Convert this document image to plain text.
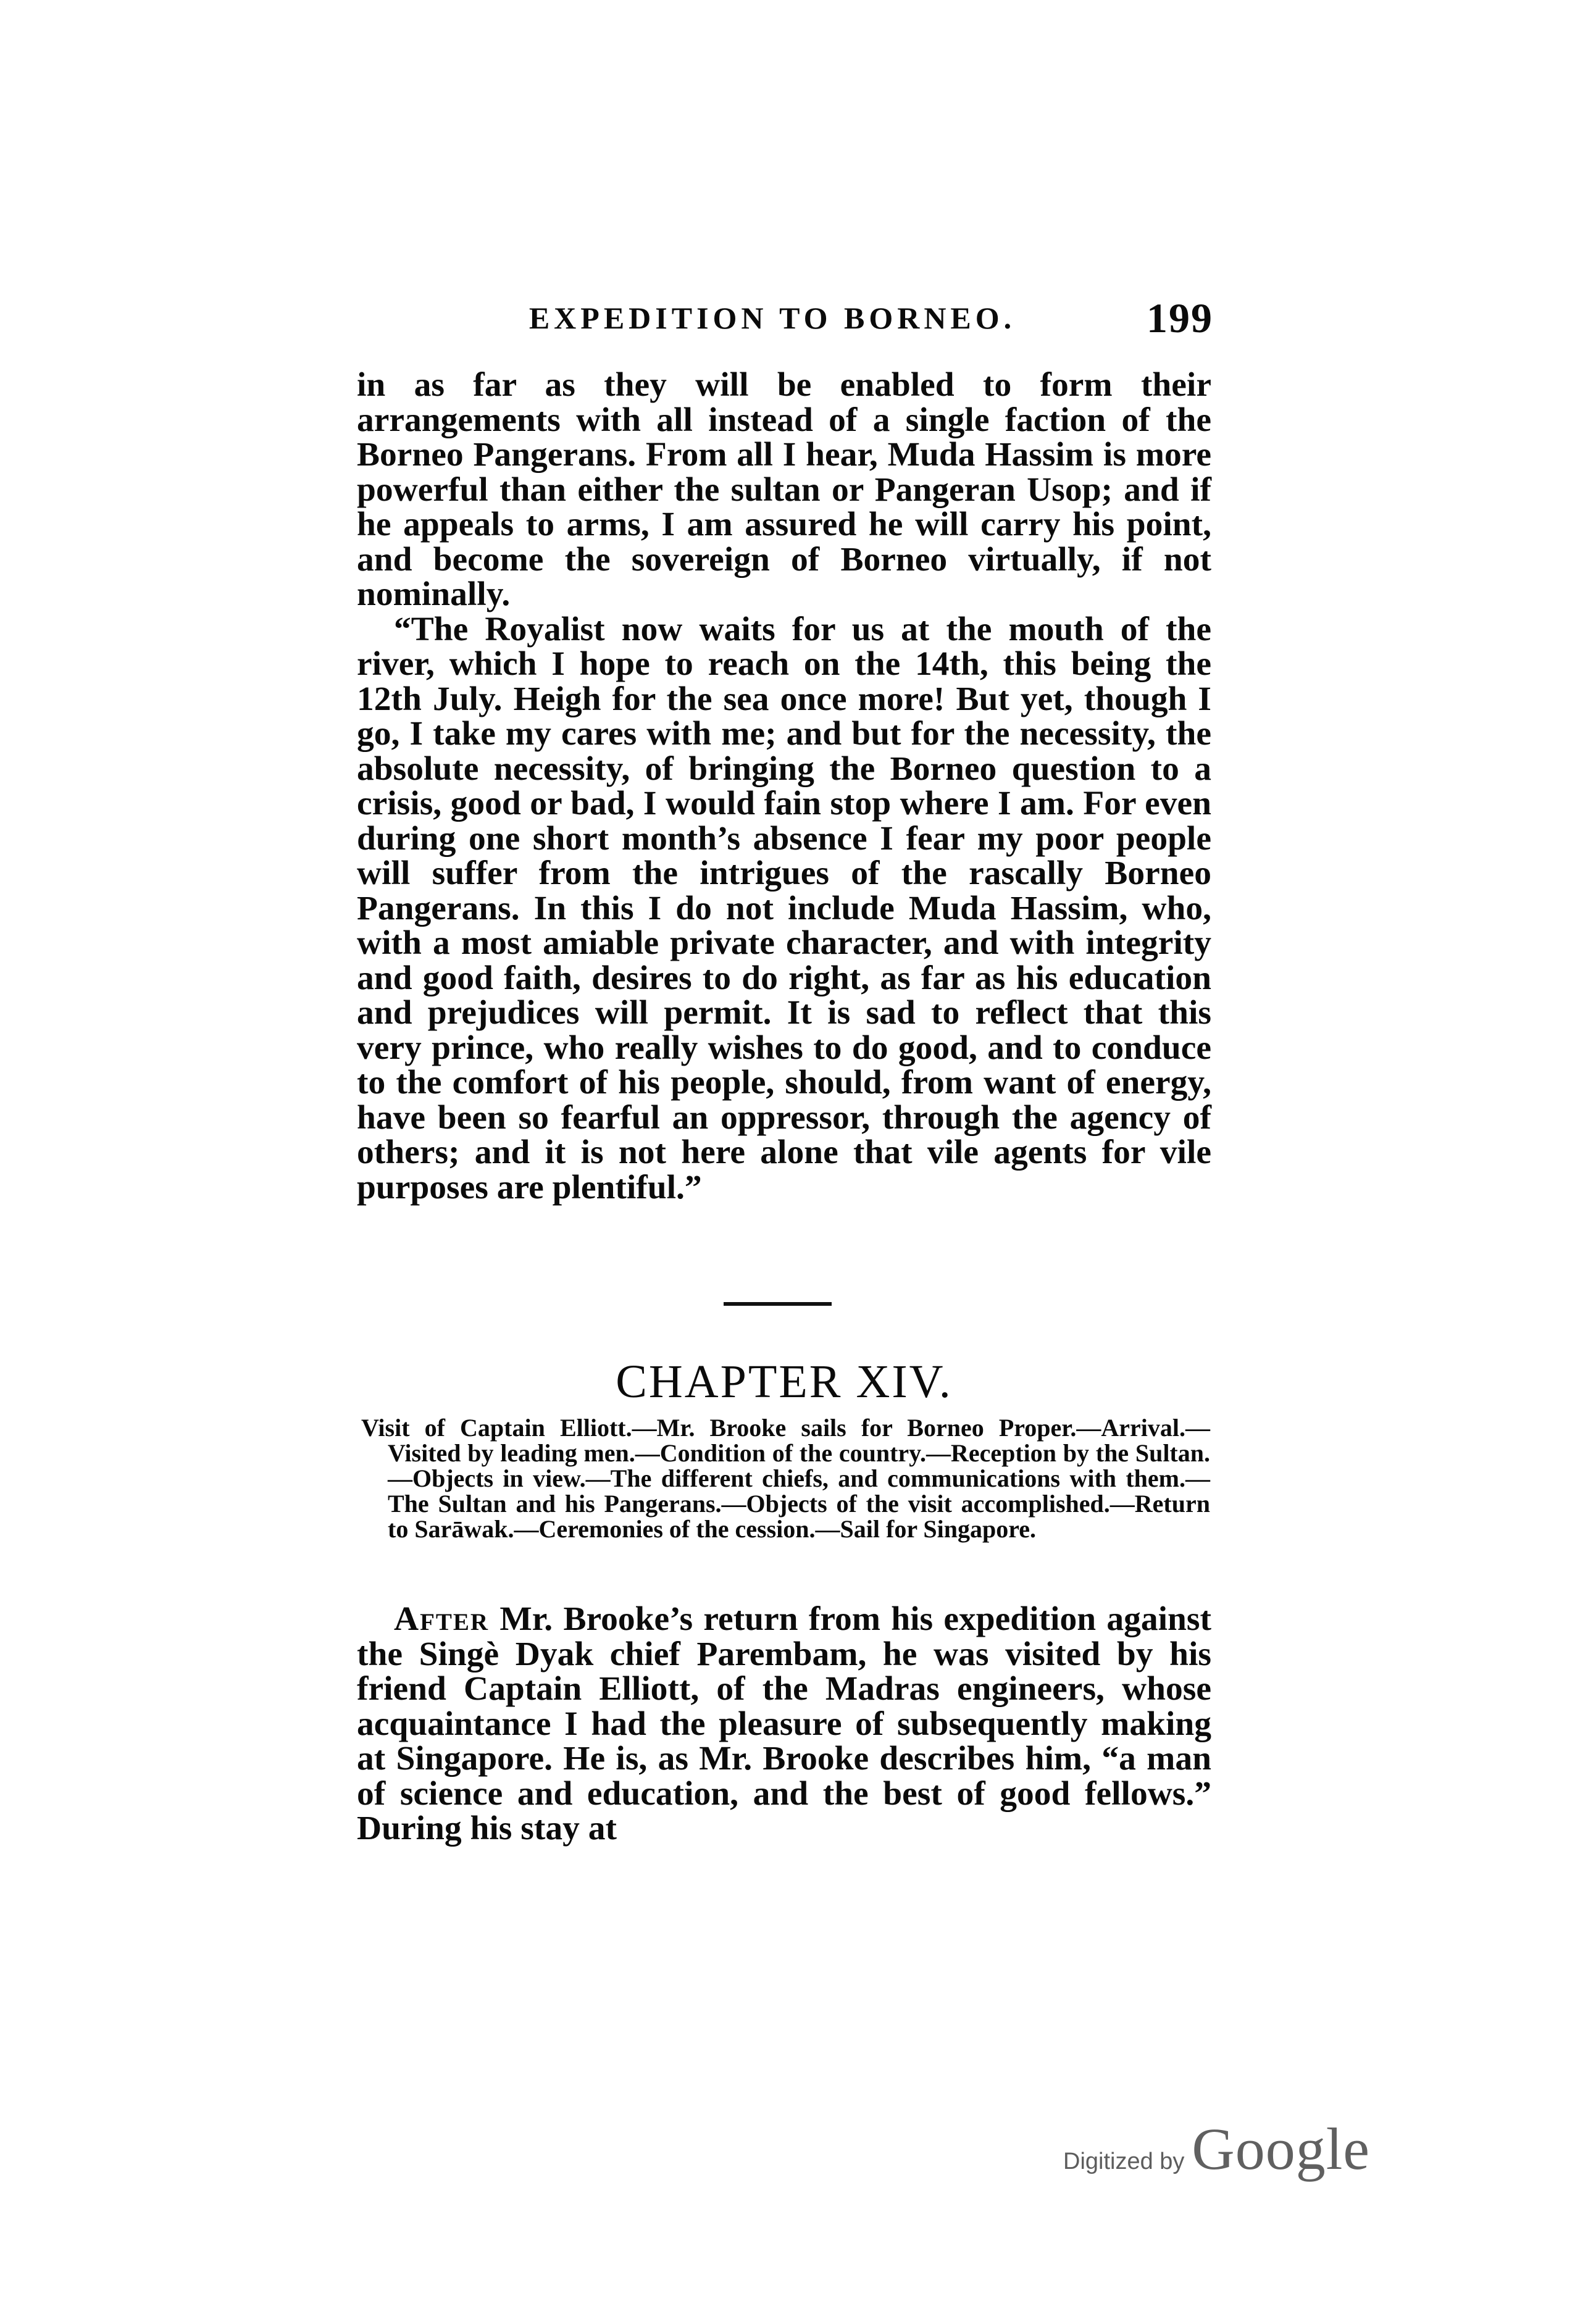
EXPEDITION TO BORNEO.	199

in as far as they will be enabled to form their arrangements with all instead of a single faction of the Borneo Pangerans. From all I hear, Muda Hassim is more powerful than either the sultan or Pangeran Usop; and if he appeals to arms, I am assured he will carry his point, and become the sovereign of Borneo virtually, if not nominally.

“The Royalist now waits for us at the mouth of the river, which I hope to reach on the 14th, this being the 12th July. Heigh for the sea once more! But yet, though I go, I take my cares with me; and but for the necessity, the absolute necessity, of bringing the Borneo question to a crisis, good or bad, I would fain stop where I am. For even during one short month’s absence I fear my poor people will suffer from the intrigues of the rascally Borneo Pangerans. In this I do not include Muda Hassim, who, with a most amiable private character, and with integrity and good faith, desires to do right, as far as his education and prejudices will permit. It is sad to reflect that this very prince, who really wishes to do good, and to conduce to the comfort of his people, should, from want of energy, have been so fearful an oppressor, through the agency of others; and it is not here alone that vile agents for vile purposes are plentiful.”

CHAPTER XIV.

Visit of Captain Elliott.—Mr. Brooke sails for Borneo Proper.—Arrival.—Visited by leading men.—Condition of the country.—Reception by the Sultan.—Objects in view.—The different chiefs, and communications with them.—The Sultan and his Pangerans.—Objects of the visit accomplished.—Return to Sarāwak.—Ceremonies of the cession.—Sail for Singapore.

After Mr. Brooke’s return from his expedition against the Singè Dyak chief Parembam, he was visited by his friend Captain Elliott, of the Madras engineers, whose acquaintance I had the pleasure of subsequently making at Singapore. He is, as Mr. Brooke describes him, “a man of science and education, and the best of good fellows.” During his stay at

Digitized by Google
